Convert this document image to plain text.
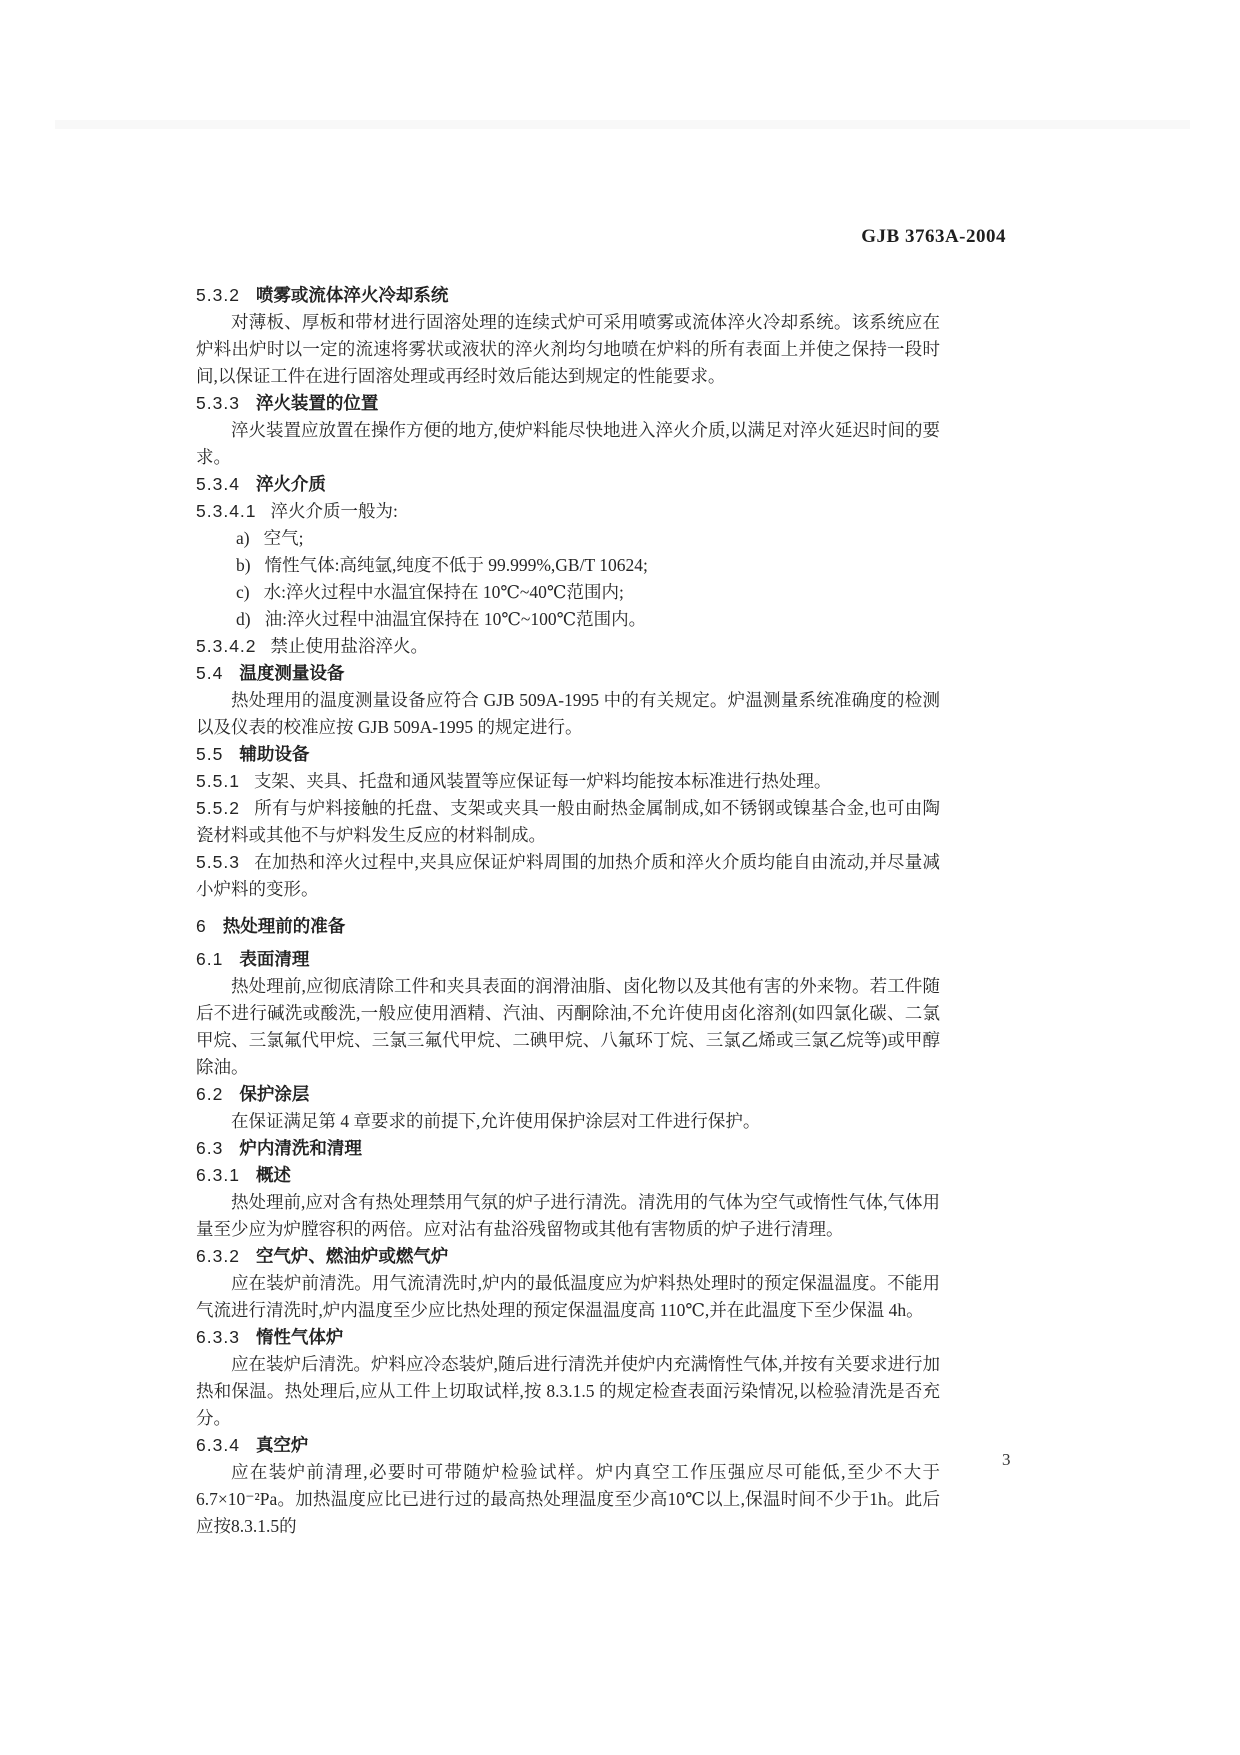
GJB 3763A-2004
5.3.2 喷雾或流体淬火冷却系统

对薄板、厚板和带材进行固溶处理的连续式炉可采用喷雾或流体淬火冷却系统。该系统应在炉料出炉时以一定的流速将雾状或液状的淬火剂均匀地喷在炉料的所有表面上并使之保持一段时间,以保证工件在进行固溶处理或再经时效后能达到规定的性能要求。

5.3.3 淬火装置的位置

淬火装置应放置在操作方便的地方,使炉料能尽快地进入淬火介质,以满足对淬火延迟时间的要求。

5.3.4 淬火介质

5.3.4.1 淬火介质一般为:

a) 空气;
b) 惰性气体:高纯氩,纯度不低于 99.999%,GB/T 10624;
c) 水:淬火过程中水温宜保持在 10℃~40℃范围内;
d) 油:淬火过程中油温宜保持在 10℃~100℃范围内。

5.3.4.2 禁止使用盐浴淬火。

5.4 温度测量设备

热处理用的温度测量设备应符合 GJB 509A-1995 中的有关规定。炉温测量系统准确度的检测以及仪表的校准应按 GJB 509A-1995 的规定进行。

5.5 辅助设备

5.5.1 支架、夹具、托盘和通风装置等应保证每一炉料均能按本标准进行热处理。

5.5.2 所有与炉料接触的托盘、支架或夹具一般由耐热金属制成,如不锈钢或镍基合金,也可由陶瓷材料或其他不与炉料发生反应的材料制成。

5.5.3 在加热和淬火过程中,夹具应保证炉料周围的加热介质和淬火介质均能自由流动,并尽量减小炉料的变形。

6 热处理前的准备
6.1 表面清理

热处理前,应彻底清除工件和夹具表面的润滑油脂、卤化物以及其他有害的外来物。若工件随后不进行碱洗或酸洗,一般应使用酒精、汽油、丙酮除油,不允许使用卤化溶剂(如四氯化碳、二氯甲烷、三氯氟代甲烷、三氯三氟代甲烷、二碘甲烷、八氟环丁烷、三氯乙烯或三氯乙烷等)或甲醇除油。

6.2 保护涂层

在保证满足第 4 章要求的前提下,允许使用保护涂层对工件进行保护。

6.3 炉内清洗和清理
6.3.1 概述

热处理前,应对含有热处理禁用气氛的炉子进行清洗。清洗用的气体为空气或惰性气体,气体用量至少应为炉膛容积的两倍。应对沾有盐浴残留物或其他有害物质的炉子进行清理。

6.3.2 空气炉、燃油炉或燃气炉

应在装炉前清洗。用气流清洗时,炉内的最低温度应为炉料热处理时的预定保温温度。不能用气流进行清洗时,炉内温度至少应比热处理的预定保温温度高 110℃,并在此温度下至少保温 4h。

6.3.3 惰性气体炉

应在装炉后清洗。炉料应冷态装炉,随后进行清洗并使炉内充满惰性气体,并按有关要求进行加热和保温。热处理后,应从工件上切取试样,按 8.3.1.5 的规定检查表面污染情况,以检验清洗是否充分。

6.3.4 真空炉

应在装炉前清理,必要时可带随炉检验试样。炉内真空工作压强应尽可能低,至少不大于6.7×10⁻²Pa。加热温度应比已进行过的最高热处理温度至少高10℃以上,保温时间不少于1h。此后应按8.3.1.5的

3
